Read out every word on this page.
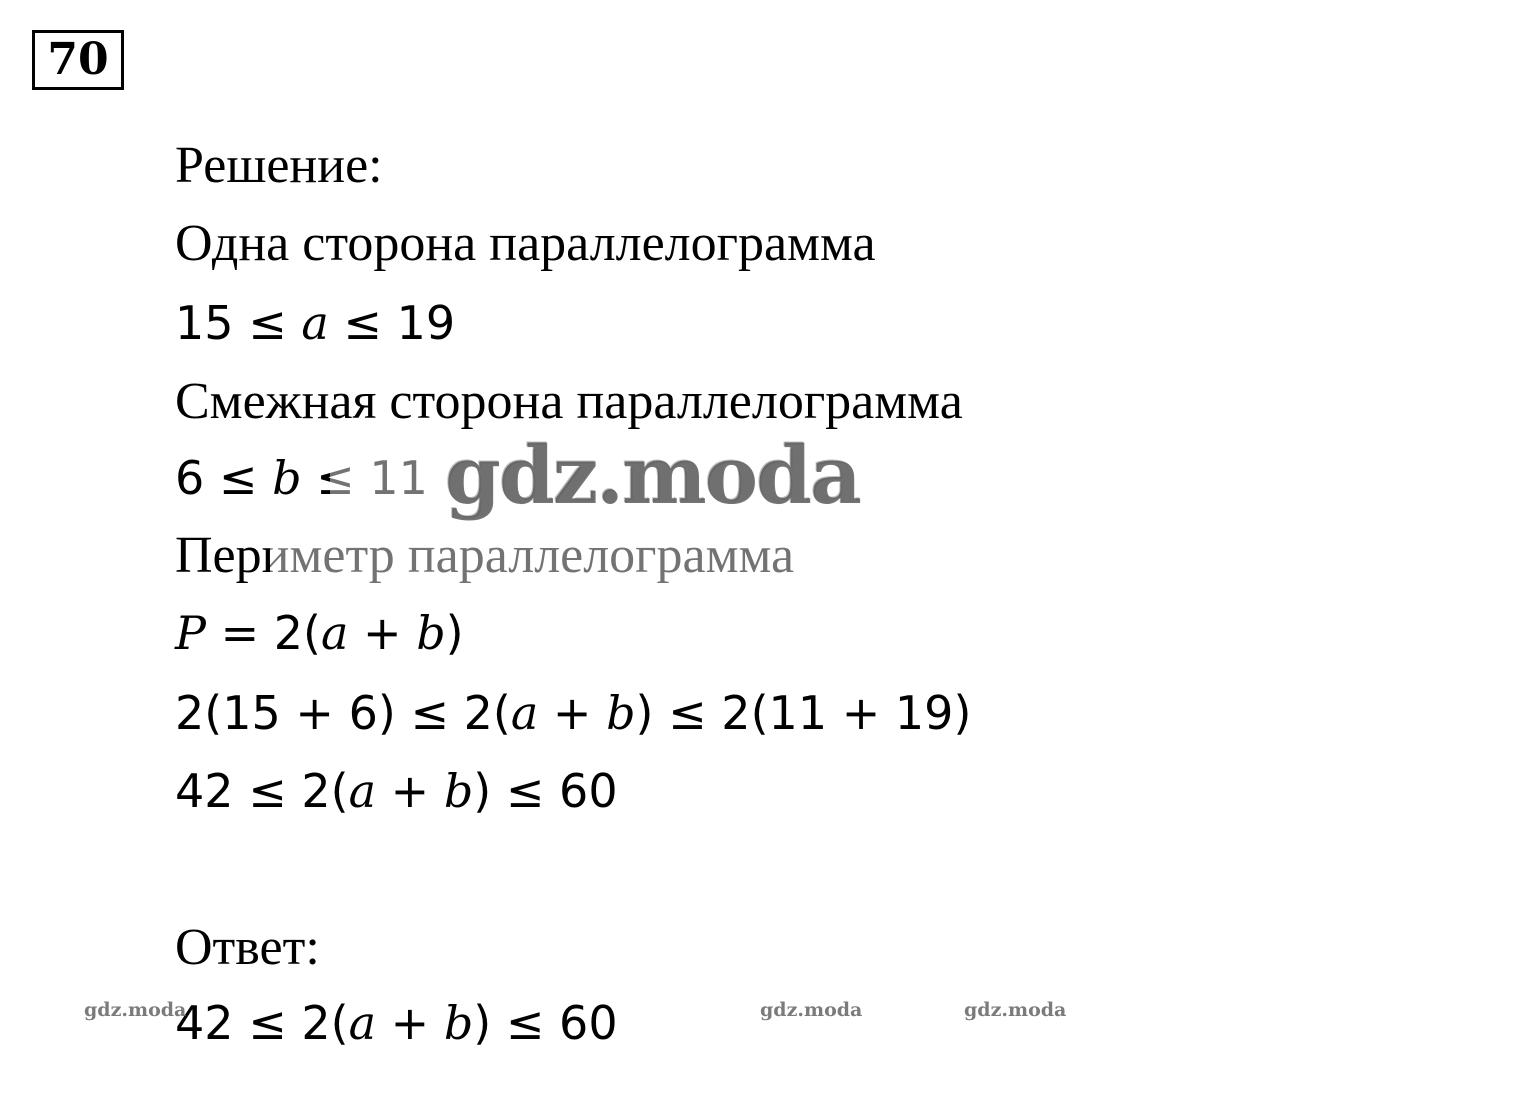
70
Решение:
Одна сторона параллелограмма
15 ≤ a ≤ 19
Смежная сторона параллелограмма
6 ≤ b ≤ 11
Периметр параллелограмма
P = 2(a + b)
2(15 + 6) ≤ 2(a + b) ≤ 2(11 + 19)
42 ≤ 2(a + b) ≤ 60
Ответ:
42 ≤ 2(a + b) ≤ 60
gdz.moda
gdz.moda	gdz.moda	gdz.moda
